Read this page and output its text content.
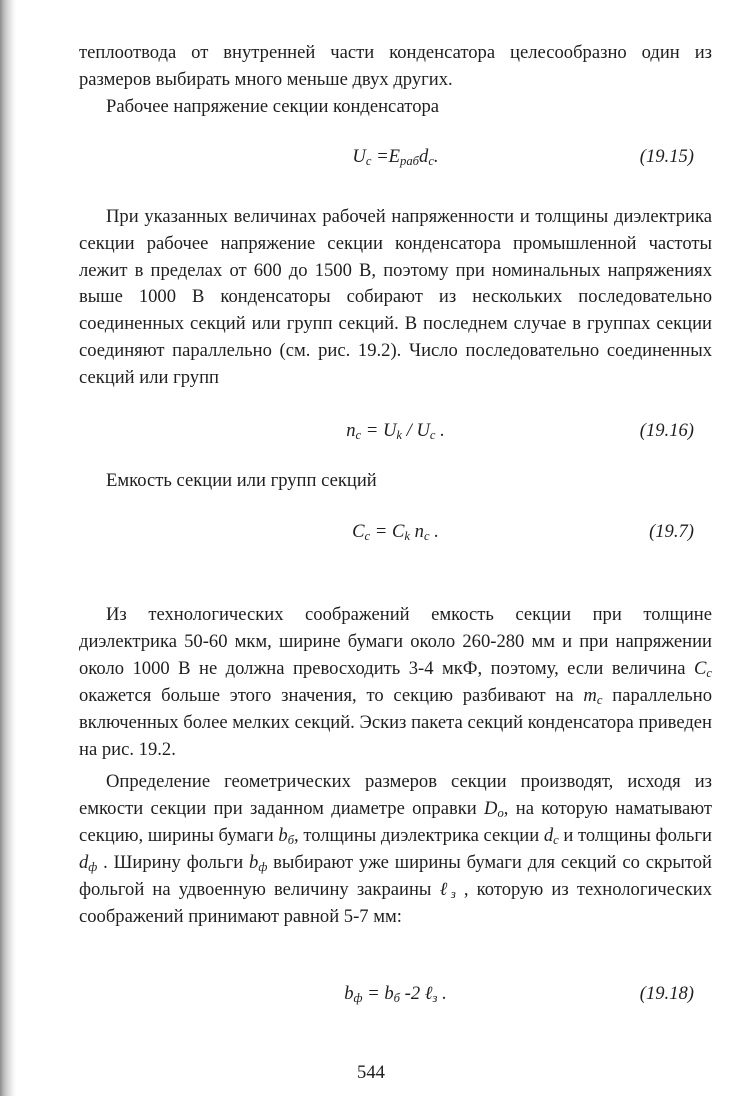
теплоотвода от внутренней части конденсатора целесообразно один из размеров выбирать много меньше двух других.

Рабочее напряжение секции конденсатора

$U_c =E_{раб}d_c$.	(19.15)

При указанных величинах рабочей напряженности и толщины диэлектрика секции рабочее напряжение секции конденсатора промышленной частоты лежит в пределах от 600 до 1500 В, поэтому при номинальных напряжениях выше 1000 В конденсаторы собирают из нескольких последовательно соединенных секций или групп секций. В последнем случае в группах секции соединяют параллельно (см. рис. 19.2). Число последовательно соединенных секций или групп

$n_c = U_k / U_c$ .	(19.16)

Емкость секции или групп секций

$C_c = C_k$ $n_c$ .	(19.7)

Из технологических соображений емкость секции при толщине диэлектрика 50-60 мкм, ширине бумаги около 260-280 мм и при напряжении около 1000 В не должна превосходить 3-4 мкФ, поэтому, если величина $C_c$ окажется больше этого значения, то секцию разбивают на $m_c$ параллельно включенных более мелких секций. Эскиз пакета секций конденсатора приведен на рис. 19.2.

Определение геометрических размеров секции производят, исходя из емкости секции при заданном диаметре оправки $D_o$, на которую наматывают секцию, ширины бумаги $b_б$, толщины диэлектрика секции $d_c$ и толщины фольги $d_ф$ . Ширину фольги $b_ф$ выбирают уже ширины бумаги для секций со скрытой фольгой на удвоенную величину закраины ℓ$_з$ , которую из технологических соображений принимают равной 5-7 мм:

$b_ф = b_б$ -2 ℓ$_з$ .	(19.18)
544
